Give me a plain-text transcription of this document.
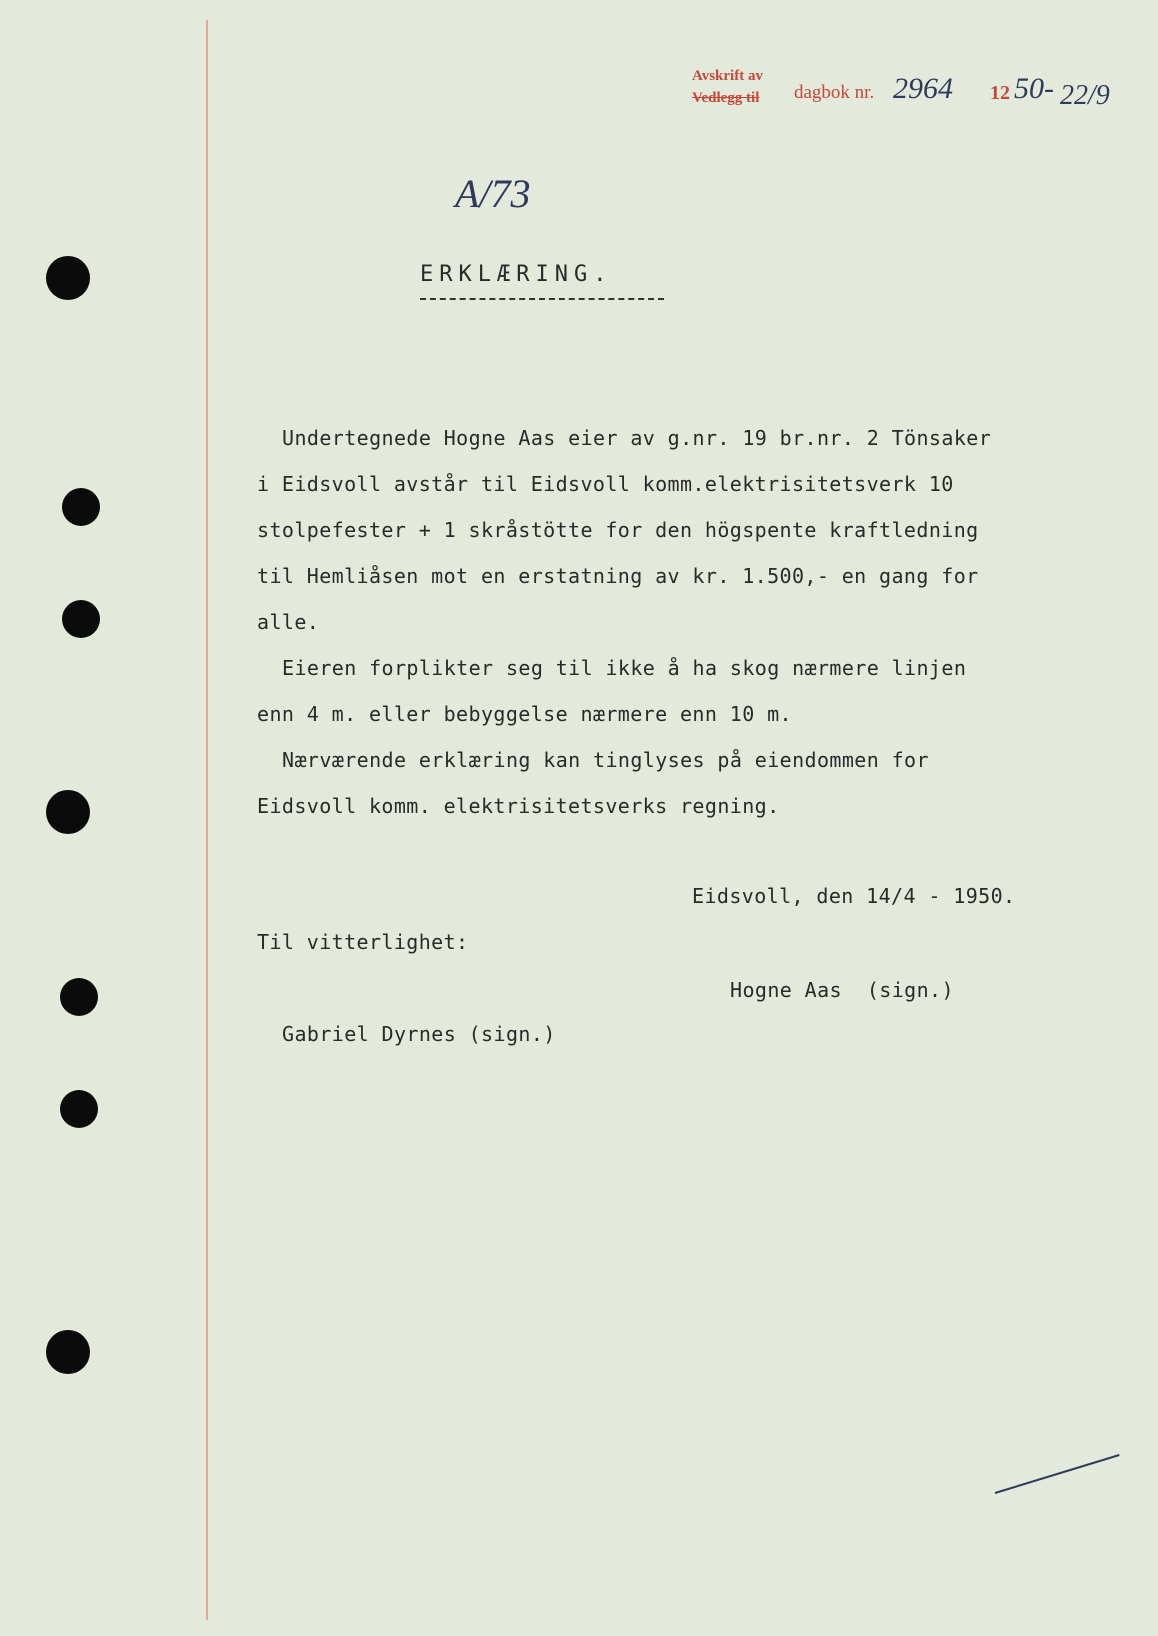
Avskrift av
Vedlegg til dagbok nr. 2964 12 50- 22/9
A/73
ERKLÆRING.
Undertegnede Hogne Aas eier av g.nr. 19 br.nr. 2 Tönsaker
i Eidsvoll avstår til Eidsvoll komm.elektrisitetsverk 10
stolpefester + 1 skråstötte for den högspente kraftledning
til Hemliåsen mot en erstatning av kr. 1.500,- en gang for
alle.
Eieren forplikter seg til ikke å ha skog nærmere linjen
enn 4 m. eller bebyggelse nærmere enn 10 m.
Nærværende erklæring kan tinglyses på eiendommen for
Eidsvoll komm. elektrisitetsverks regning.
Eidsvoll, den 14/4 - 1950.
Til vitterlighet:
Hogne Aas  (sign.)
Gabriel Dyrnes (sign.)
